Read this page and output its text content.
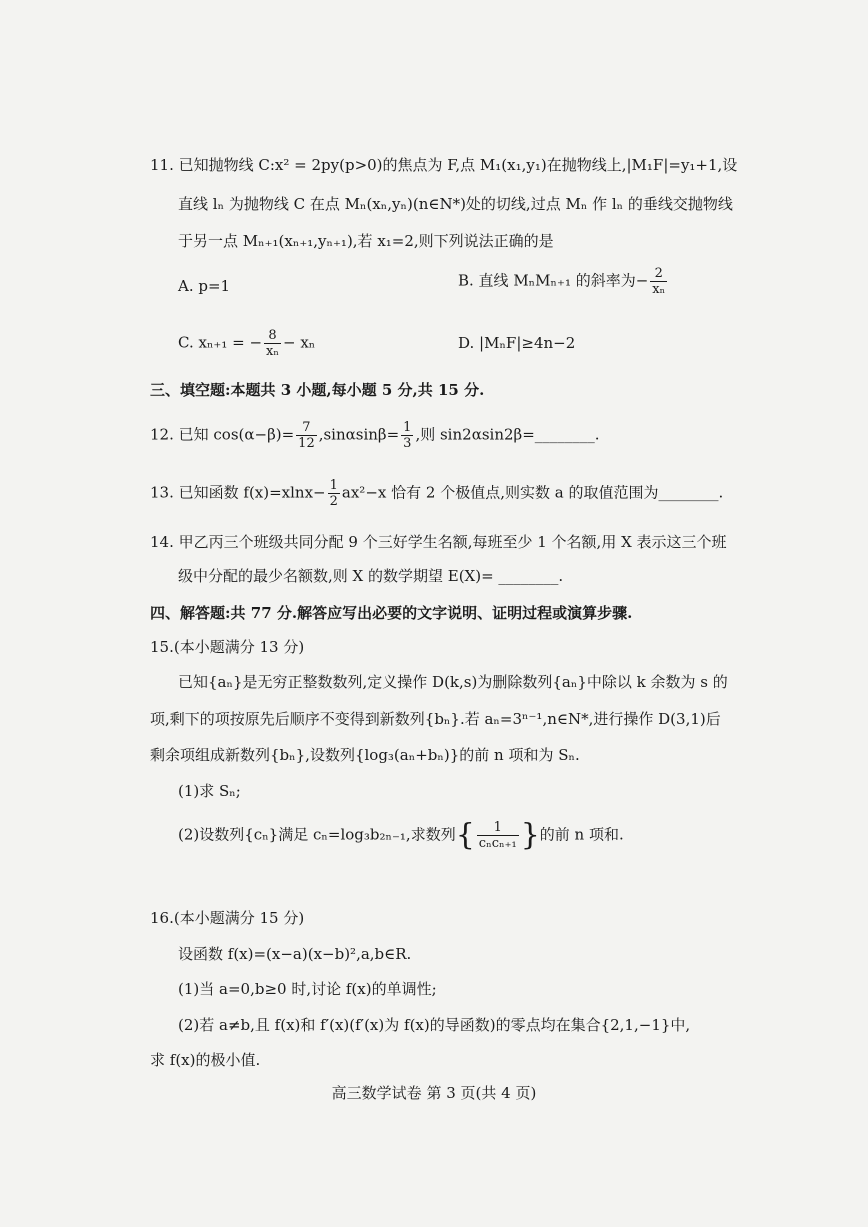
11. 已知抛物线 C:x² = 2py(p>0)的焦点为 F,点 M₁(x₁,y₁)在抛物线上,|M₁F|=y₁+1,设
直线 lₙ 为抛物线 C 在点 Mₙ(xₙ,yₙ)(n∈N*)处的切线,过点 Mₙ 作 lₙ 的垂线交抛物线
于另一点 Mₙ₊₁(xₙ₊₁,yₙ₊₁),若 x₁=2,则下列说法正确的是
A. p=1	B. 直线 MₙMₙ₊₁ 的斜率为− $\frac{2}{\text{xₙ}}$
C. xₙ₊₁ = − $\frac{8}{\text{xₙ}} - x_n$	D. |MₙF|≥4n−2
三、填空题:本题共 3 小题,每小题 5 分,共 15 分.
12. 已知 $\cos(\alpha-\beta)= \frac{7}{12} ,\sin\alpha\sin\beta= \frac{1}{3}$ ,则 sin2αsin2β=________.
13. 已知函数 $f(x)=xlnx- \frac{1}{2} ax^2-x$ 恰有 2 个极值点,则实数 a 的取值范围为________.
14. 甲乙丙三个班级共同分配 9 个三好学生名额,每班至少 1 个名额,用 X 表示这三个班
级中分配的最少名额数,则 X 的数学期望 E(X)= ________.
四、解答题:共 77 分.解答应写出必要的文字说明、证明过程或演算步骤.
15.(本小题满分 13 分)
已知{aₙ}是无穷正整数数列,定义操作 D(k,s)为删除数列{aₙ}中除以 k 余数为 s 的
项,剩下的项按原先后顺序不变得到新数列{bₙ}.若 aₙ=3ⁿ⁻¹,n∈N*,进行操作 D(3,1)后
剩余项组成新数列{bₙ},设数列{log₃(aₙ+bₙ)}的前 n 项和为 Sₙ.
(1)求 Sₙ;
(2)设数列{cₙ}满足 cₙ=log₃b₂ₙ₋₁,求数列{ $\frac{1}{\text{cₙcₙ₊₁}}$ }的前 n 项和.
16.(本小题满分 15 分)
设函数 f(x)=(x−a)(x−b)²,a,b∈R.
(1)当 a=0,b≥0 时,讨论 f(x)的单调性;
(2)若 a≠b,且 f(x)和 f′(x)(f′(x)为 f(x)的导函数)的零点均在集合{2,1,−1}中,
求 f(x)的极小值.
高三数学试卷 第 3 页(共 4 页)
